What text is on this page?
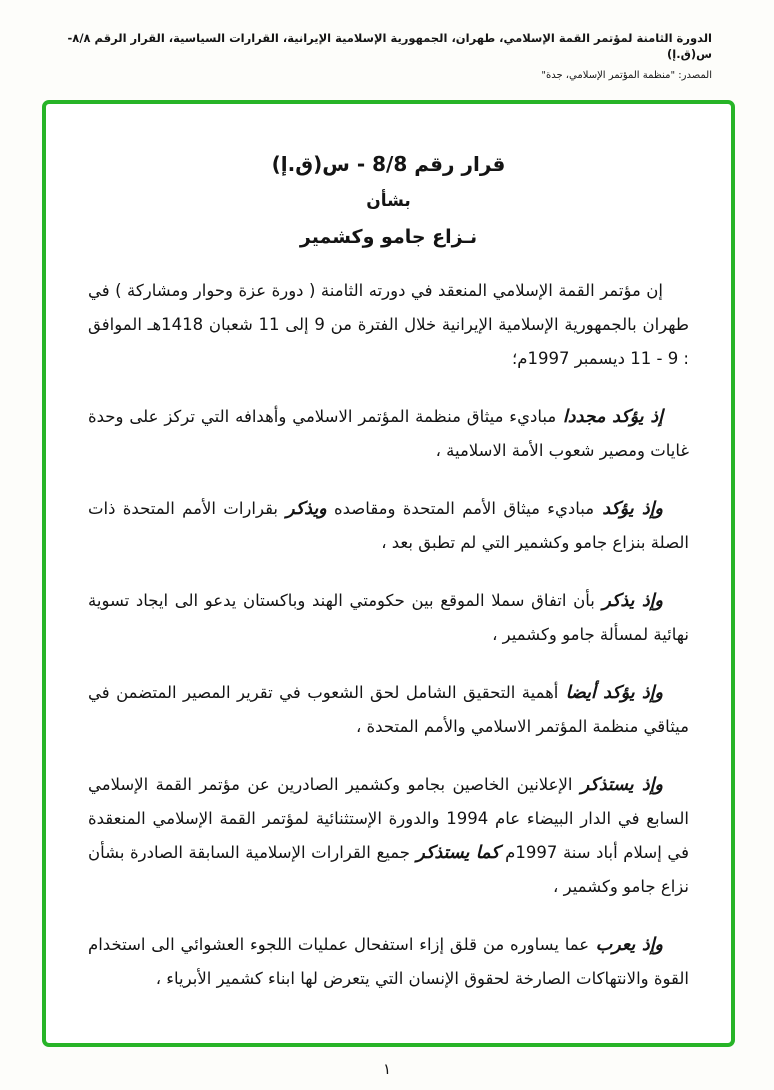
الدورة الثامنة لمؤتمر القمة الإسلامي، طهران، الجمهورية الإسلامية الإيرانية، القرارات السياسية، القرار الرقم ٨/٨-س(ق.إ)
المصدر: "منظمة المؤتمر الإسلامي، جدة"
قرار رقم 8/8 - س(ق.إ)
بشأن
نـزاع جامو وكشمير

إن مؤتمر القمة الإسلامي المنعقد في دورته الثامنة ( دورة عزة وحوار ومشاركة ) في طهران بالجمهورية الإسلامية الإيرانية خلال الفترة من 9 إلى 11 شعبان 1418هـ الموافق : 9 - 11 ديسمبر 1997م؛

إذ يؤكد مجددا مباديء ميثاق منظمة المؤتمر الاسلامي وأهدافه التي تركز على وحدة غايات ومصير شعوب الأمة الاسلامية ،

وإذ يؤكد مباديء ميثاق الأمم المتحدة ومقاصده ويذكر بقرارات الأمم المتحدة ذات الصلة بنزاع جامو وكشمير التي لم تطبق بعد ،

وإذ يذكر بأن اتفاق سملا الموقع بين حكومتي الهند وباكستان يدعو الى ايجاد تسوية نهائية لمسألة جامو وكشمير ،

وإذ يؤكد أيضا أهمية التحقيق الشامل لحق الشعوب في تقرير المصير المتضمن في ميثاقي منظمة المؤتمر الاسلامي والأمم المتحدة ،

وإذ يستذكر الإعلانين الخاصين بجامو وكشمير الصادرين عن مؤتمر القمة الإسلامي السابع في الدار البيضاء عام 1994 والدورة الإستثنائية لمؤتمر القمة الإسلامي المنعقدة في إسلام أباد سنة 1997م كما يستذكر جميع القرارات الإسلامية السابقة الصادرة بشأن نزاع جامو وكشمير ،

وإذ يعرب عما يساوره من قلق إزاء استفحال عمليات اللجوء العشوائي الى استخدام القوة والانتهاكات الصارخة لحقوق الإنسان التي يتعرض لها ابناء كشمير الأبرياء ،

١
